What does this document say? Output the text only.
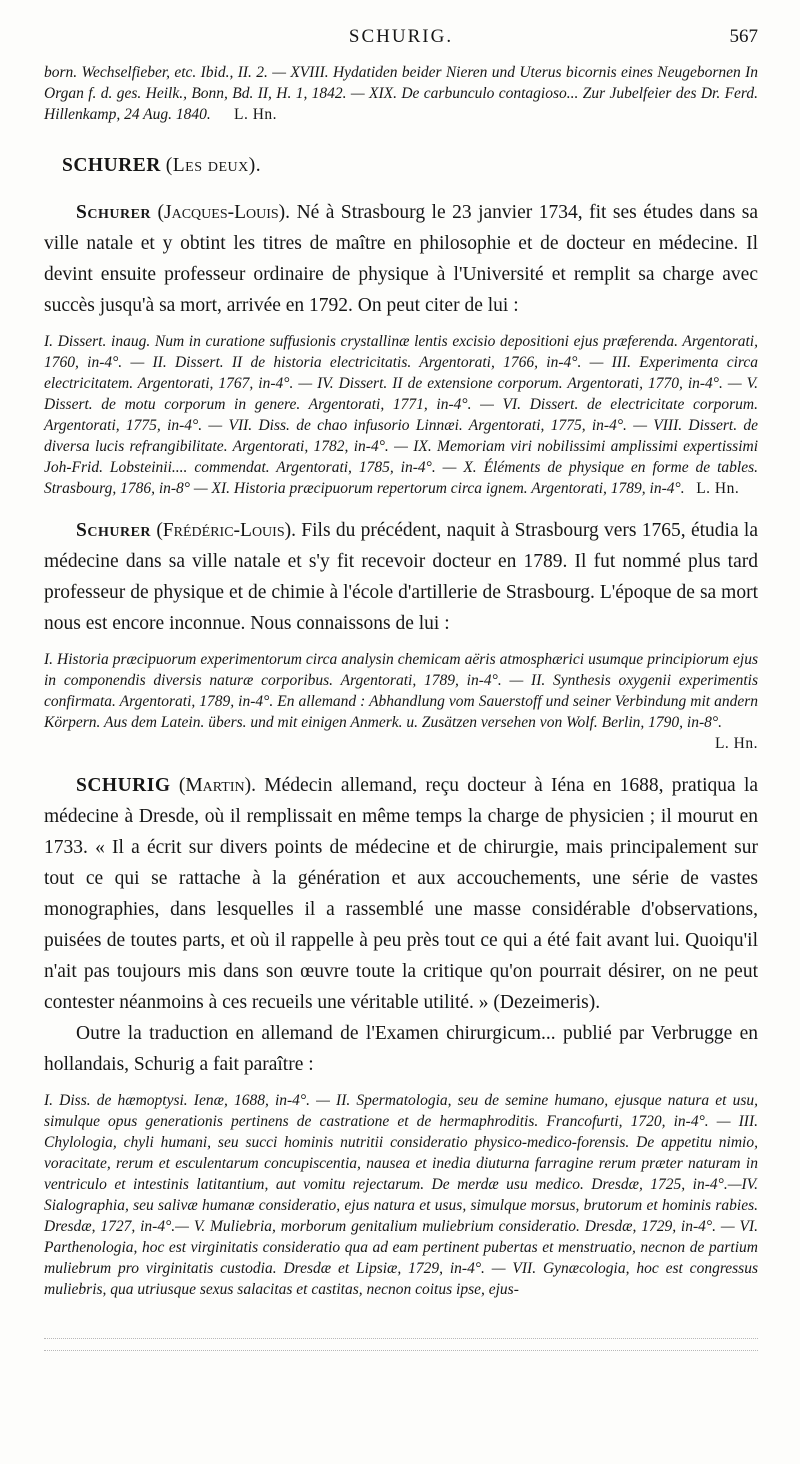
SCHURIG.	567

born. Wechselfieber, etc. Ibid., II. 2. — XVIII. Hydatiden beider Nieren und Uterus bicornis eines Neugebornen In Organ f. d. ges. Heilk., Bonn, Bd. II, H. 1, 1842. — XIX. De carbunculo contagioso... Zur Jubelfeier des Dr. Ferd. Hillenkamp, 24 Aug. 1840. L. Hn.

SCHURER (Les deux).

Schurer (Jacques-Louis). Né à Strasbourg le 23 janvier 1734, fit ses études dans sa ville natale et y obtint les titres de maître en philosophie et de docteur en médecine. Il devint ensuite professeur ordinaire de physique à l'Université et remplit sa charge avec succès jusqu'à sa mort, arrivée en 1792. On peut citer de lui :

I. Dissert. inaug. Num in curatione suffusionis crystallinæ lentis excisio depositioni ejus præferenda. Argentorati, 1760, in-4°. — II. Dissert. II de historia electricitatis. Argentorati, 1766, in-4°. — III. Experimenta circa electricitatem. Argentorati, 1767, in-4°. — IV. Dissert. II de extensione corporum. Argentorati, 1770, in-4°. — V. Dissert. de motu corporum in genere. Argentorati, 1771, in-4°. — VI. Dissert. de electricitate corporum. Argentorati, 1775, in-4°. — VII. Diss. de chao infusorio Linnæi. Argentorati, 1775, in-4°. — VIII. Dissert. de diversa lucis refrangibilitate. Argentorati, 1782, in-4°. — IX. Memoriam viri nobilissimi amplissimi expertissimi Joh-Frid. Lobsteinii.... commendat. Argentorati, 1785, in-4°. — X. Éléments de physique en forme de tables. Strasbourg, 1786, in-8° — XI. Historia præcipuorum repertorum circa ignem. Argentorati, 1789, in-4°. L. Hn.

Schurer (Frédéric-Louis). Fils du précédent, naquit à Strasbourg vers 1765, étudia la médecine dans sa ville natale et s'y fit recevoir docteur en 1789. Il fut nommé plus tard professeur de physique et de chimie à l'école d'artillerie de Strasbourg. L'époque de sa mort nous est encore inconnue. Nous connaissons de lui :

I. Historia præcipuorum experimentorum circa analysin chemicam aëris atmosphærici usumque principiorum ejus in componendis diversis naturæ corporibus. Argentorati, 1789, in-4°. — II. Synthesis oxygenii experimentis confirmata. Argentorati, 1789, in-4°. En allemand : Abhandlung vom Sauerstoff und seiner Verbindung mit andern Körpern. Aus dem Latein. übers. und mit einigen Anmerk. u. Zusätzen versehen von Wolf. Berlin, 1790, in-8°.

L. Hn.

SCHURIG (Martin). Médecin allemand, reçu docteur à Iéna en 1688, pratiqua la médecine à Dresde, où il remplissait en même temps la charge de physicien ; il mourut en 1733. « Il a écrit sur divers points de médecine et de chirurgie, mais principalement sur tout ce qui se rattache à la génération et aux accouchements, une série de vastes monographies, dans lesquelles il a rassemblé une masse considérable d'observations, puisées de toutes parts, et où il rappelle à peu près tout ce qui a été fait avant lui. Quoiqu'il n'ait pas toujours mis dans son œuvre toute la critique qu'on pourrait désirer, on ne peut contester néanmoins à ces recueils une véritable utilité. » (Dezeimeris).

Outre la traduction en allemand de l'Examen chirurgicum... publié par Verbrugge en hollandais, Schurig a fait paraître :

I. Diss. de hæmoptysi. Ienæ, 1688, in-4°. — II. Spermatologia, seu de semine humano, ejusque natura et usu, simulque opus generationis pertinens de castratione et de hermaphroditis. Francofurti, 1720, in-4°. — III. Chylologia, chyli humani, seu succi hominis nutritii consideratio physico-medico-forensis. De appetitu nimio, voracitate, rerum et esculentarum concupiscentia, nausea et inedia diuturna farragine rerum præter naturam in ventriculo et intestinis latitantium, aut vomitu rejectarum. De merdæ usu medico. Dresdæ, 1725, in-4°.—IV. Sialographia, seu salivæ humanæ consideratio, ejus natura et usus, simulque morsus, brutorum et hominis rabies. Dresdæ, 1727, in-4°.— V. Muliebria, morborum genitalium muliebrium consideratio. Dresdæ, 1729, in-4°. — VI. Parthenologia, hoc est virginitatis consideratio qua ad eam pertinent pubertas et menstruatio, necnon de partium muliebrum pro virginitatis custodia. Dresdæ et Lipsiæ, 1729, in-4°. — VII. Gynæcologia, hoc est congressus muliebris, qua utriusque sexus salacitas et castitas, necnon coitus ipse, ejus-
